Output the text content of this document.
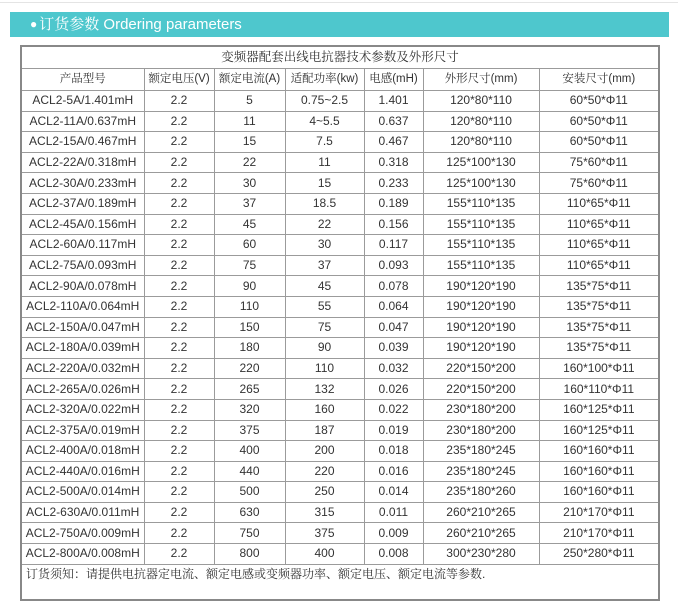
● 订货参数 Ordering parameters
变频器配套出线电抗器技术参数及外形尺寸						
产品型号	额定电压(V)	额定电流(A)	适配功率(kw)	电感(mH)	外形尺寸(mm)	安装尺寸(mm)
ACL2-5A/1.401mH	2.2	5	0.75~2.5	1.401	120*80*110	60*50*Φ11
ACL2-11A/0.637mH	2.2	11	4~5.5	0.637	120*80*110	60*50*Φ11
ACL2-15A/0.467mH	2.2	15	7.5	0.467	120*80*110	60*50*Φ11
ACL2-22A/0.318mH	2.2	22	11	0.318	125*100*130	75*60*Φ11
ACL2-30A/0.233mH	2.2	30	15	0.233	125*100*130	75*60*Φ11
ACL2-37A/0.189mH	2.2	37	18.5	0.189	155*110*135	110*65*Φ11
ACL2-45A/0.156mH	2.2	45	22	0.156	155*110*135	110*65*Φ11
ACL2-60A/0.117mH	2.2	60	30	0.117	155*110*135	110*65*Φ11
ACL2-75A/0.093mH	2.2	75	37	0.093	155*110*135	110*65*Φ11
ACL2-90A/0.078mH	2.2	90	45	0.078	190*120*190	135*75*Φ11
ACL2-110A/0.064mH	2.2	110	55	0.064	190*120*190	135*75*Φ11
ACL2-150A/0.047mH	2.2	150	75	0.047	190*120*190	135*75*Φ11
ACL2-180A/0.039mH	2.2	180	90	0.039	190*120*190	135*75*Φ11
ACL2-220A/0.032mH	2.2	220	110	0.032	220*150*200	160*100*Φ11
ACL2-265A/0.026mH	2.2	265	132	0.026	220*150*200	160*110*Φ11
ACL2-320A/0.022mH	2.2	320	160	0.022	230*180*200	160*125*Φ11
ACL2-375A/0.019mH	2.2	375	187	0.019	230*180*200	160*125*Φ11
ACL2-400A/0.018mH	2.2	400	200	0.018	235*180*245	160*160*Φ11
ACL2-440A/0.016mH	2.2	440	220	0.016	235*180*245	160*160*Φ11
ACL2-500A/0.014mH	2.2	500	250	0.014	235*180*260	160*160*Φ11
ACL2-630A/0.011mH	2.2	630	315	0.011	260*210*265	210*170*Φ11
ACL2-750A/0.009mH	2.2	750	375	0.009	260*210*265	210*170*Φ11
ACL2-800A/0.008mH	2.2	800	400	0.008	300*230*280	250*280*Φ11
订货须知：请提供电抗器定电流、额定电感或变频器功率、额定电压、额定电流等参数.						
